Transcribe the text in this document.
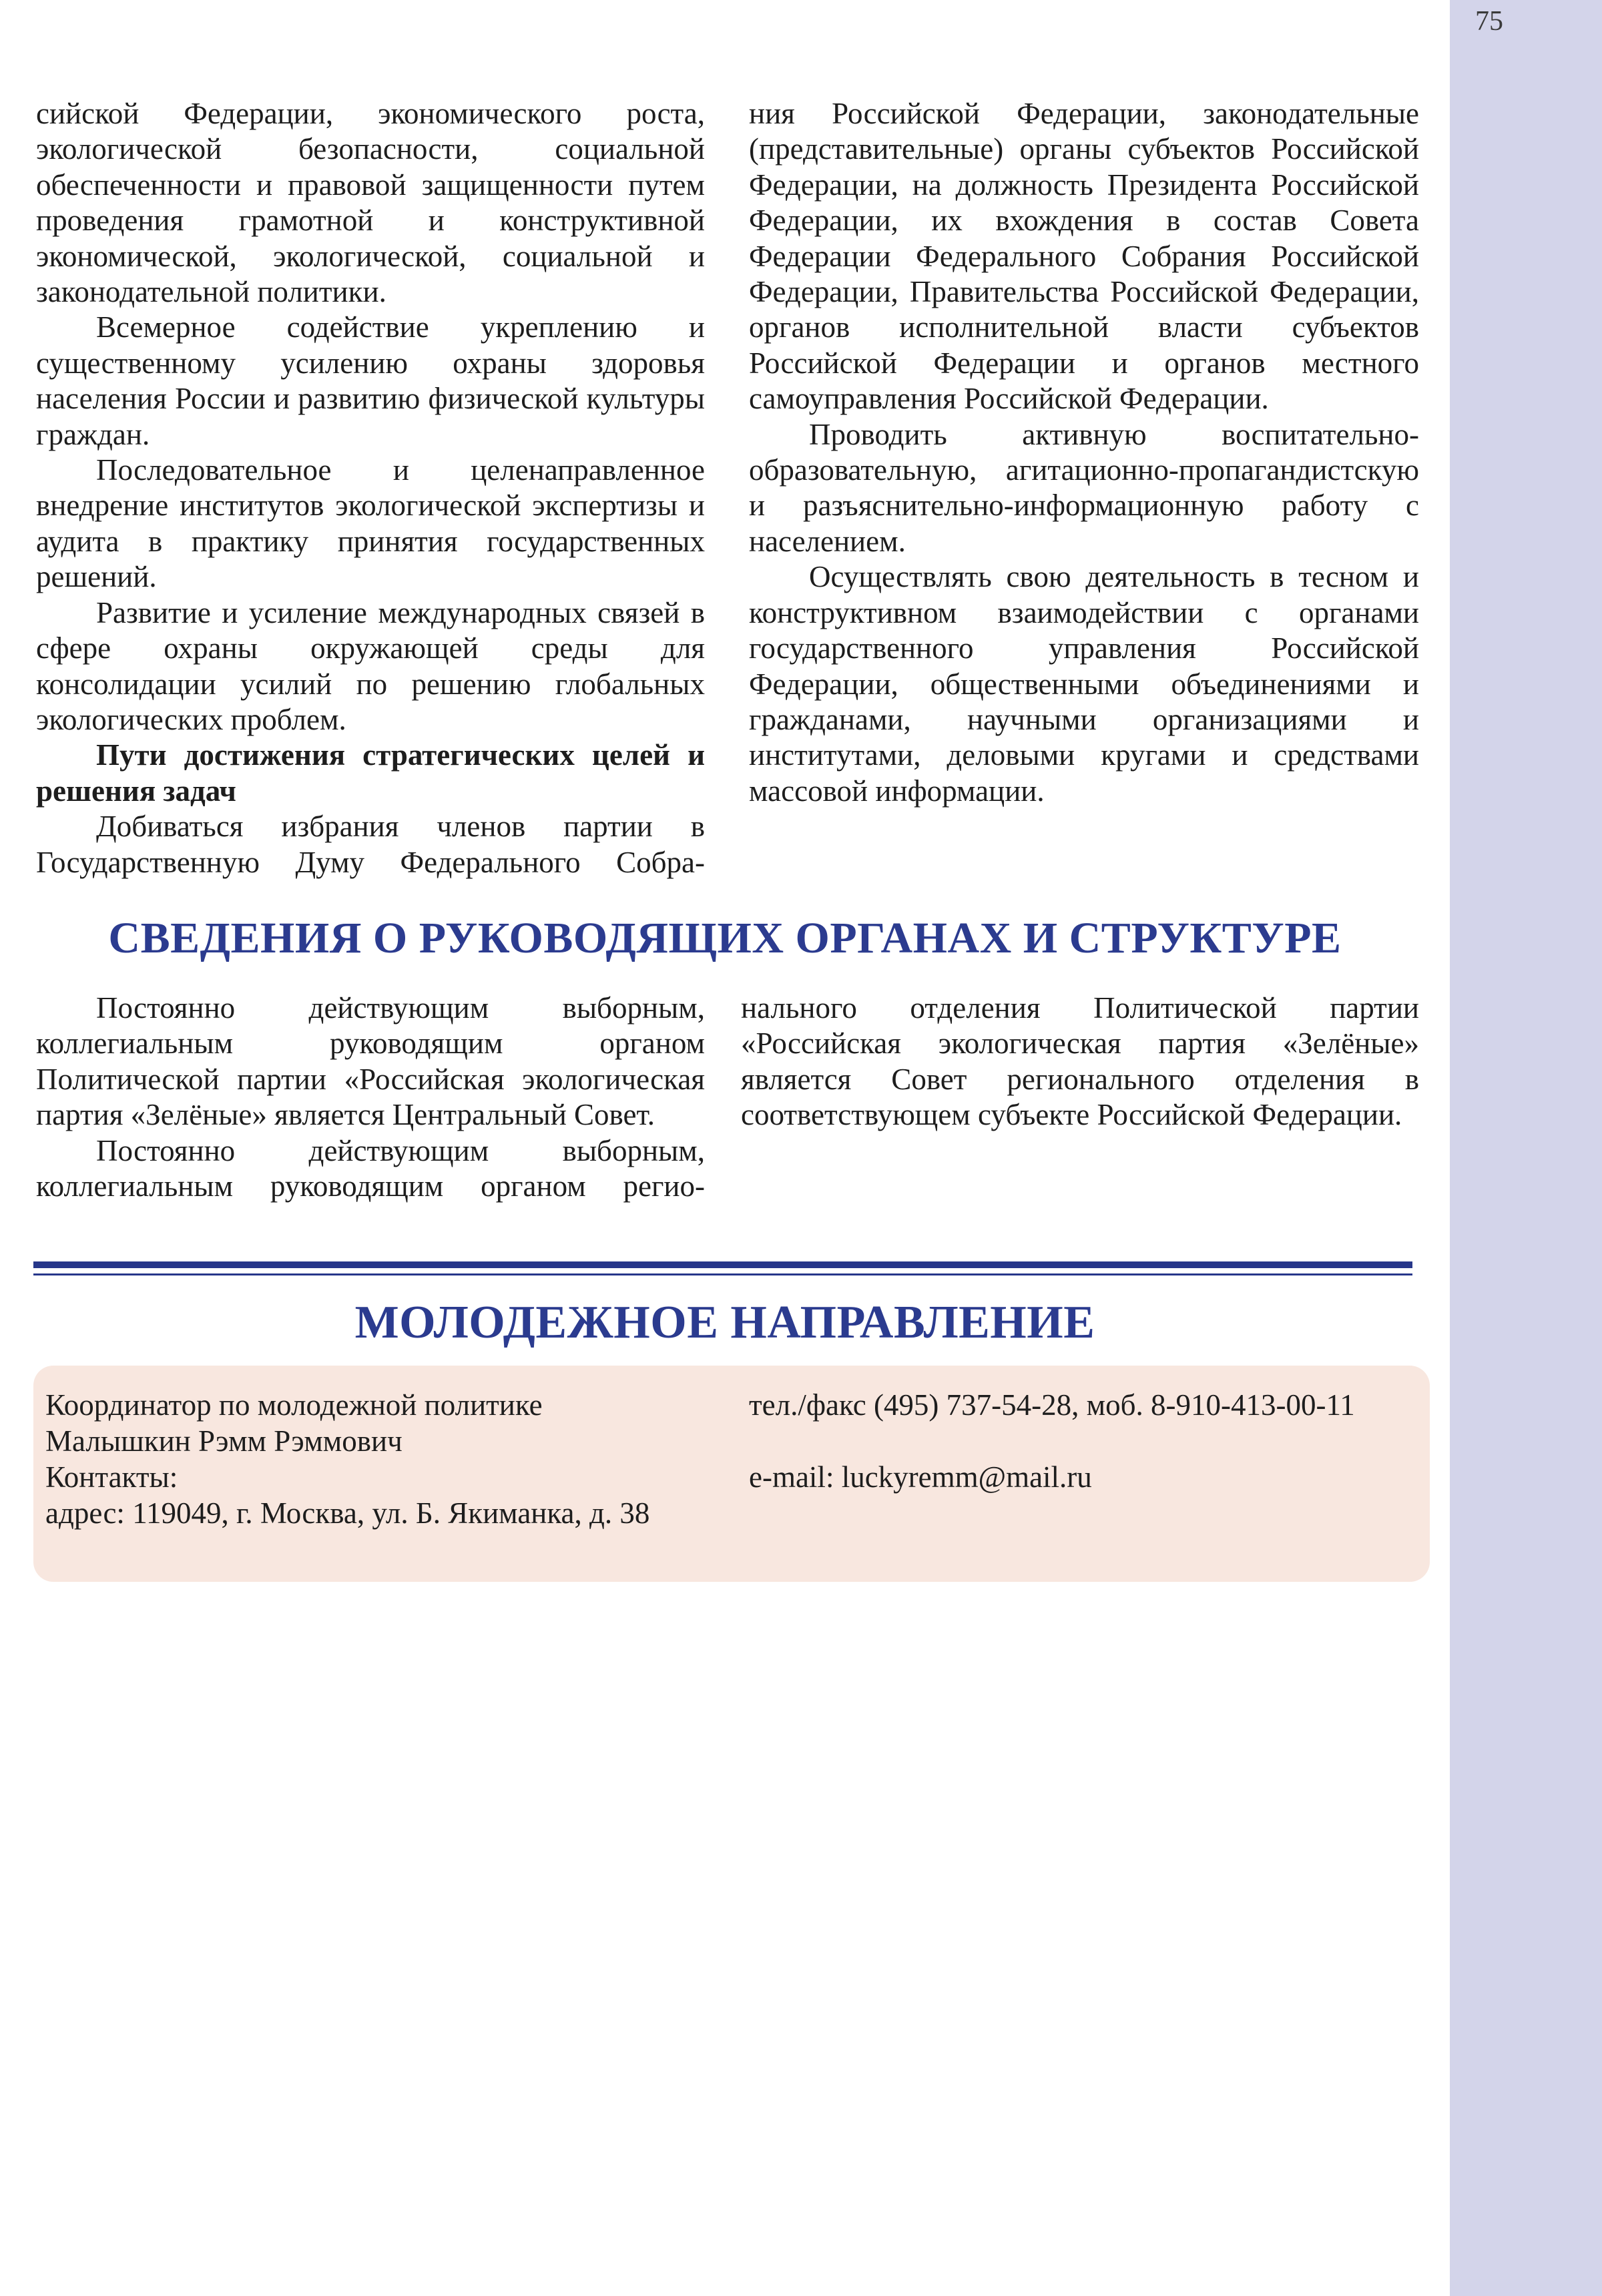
75

сийской Федерации, экономического роста, экологической безопасности, социальной обеспеченности и правовой защищенности путем проведения грамотной и конструктивной экономической, экологической, социальной и законодательной политики.

Всемерное содействие укреплению и существенному усилению охраны здоровья населения России и развитию физической культуры граждан.

Последовательное и целенаправленное внедрение институтов экологической экспертизы и аудита в практику принятия государственных решений.

Развитие и усиление международных связей в сфере охраны окружающей среды для консолидации усилий по решению глобальных экологических проблем.

Пути достижения стратегических целей и решения задач

Добиваться избрания членов партии в Государственную Думу Федерального Собра-

ния Российской Федерации, законодательные (представительные) органы субъектов Российской Федерации, на должность Президента Российской Федерации, их вхождения в состав Совета Федерации Федерального Собрания Российской Федерации, Правительства Российской Федерации, органов исполнительной власти субъектов Российской Федерации и органов местного самоуправления Российской Федерации.

Проводить активную воспитательно-образовательную, агитационно-пропагандистскую и разъяснительно-информационную работу с населением.

Осуществлять свою деятельность в тесном и конструктивном взаимодействии с органами государственного управления Российской Федерации, общественными объединениями и гражданами, научными организациями и институтами, деловыми кругами и средствами массовой информации.

СВЕДЕНИЯ О РУКОВОДЯЩИХ ОРГАНАХ И СТРУКТУРЕ

Постоянно действующим выборным, коллегиальным руководящим органом Политической партии «Российская экологическая партия «Зелёные» является Центральный Совет.

Постоянно действующим выборным, коллегиальным руководящим органом регио-

нального отделения Политической партии «Российская экологическая партия «Зелёные» является Совет регионального отделения в соответствующем субъекте Российской Федерации.

МОЛОДЕЖНОЕ НАПРАВЛЕНИЕ
Координатор по молодежной политике
Малышкин Рэмм Рэммович
Контакты:
адрес: 119049, г. Москва, ул. Б. Якиманка, д. 38
тел./факс (495) 737-54-28, моб. 8-910-413-00-11
e-mail: luckyremm@mail.ru
